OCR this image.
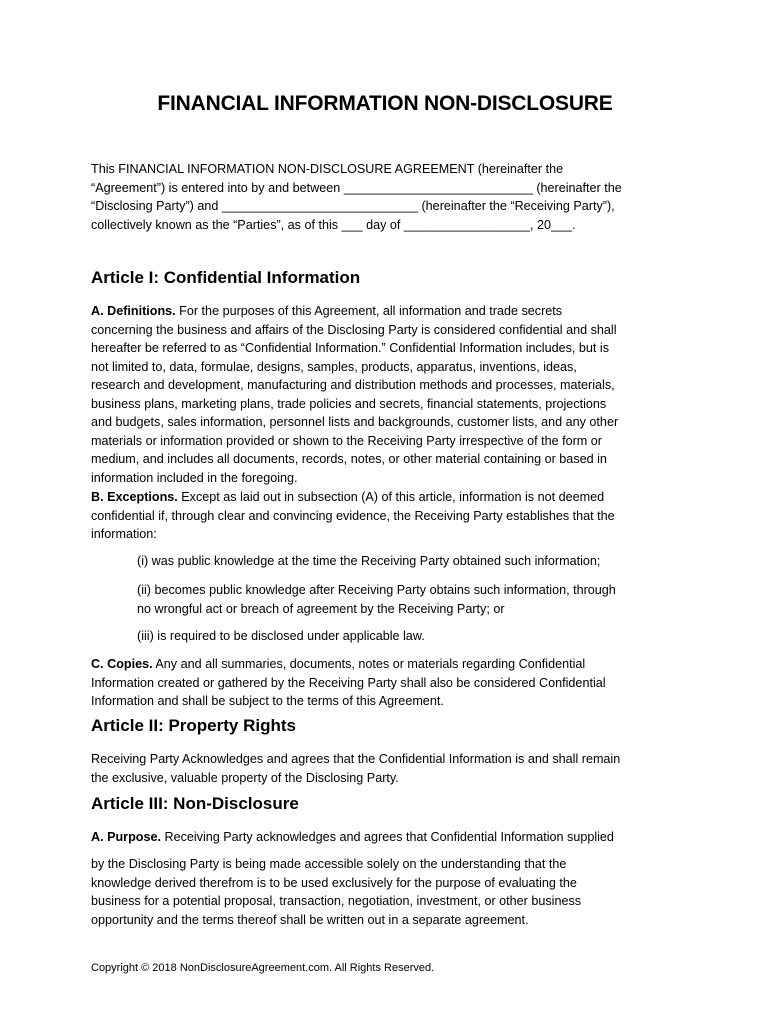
FINANCIAL INFORMATION NON-DISCLOSURE

This FINANCIAL INFORMATION NON-DISCLOSURE AGREEMENT (hereinafter the
“Agreement”) is entered into by and between ___________________________ (hereinafter the
“Disclosing Party”) and ____________________________ (hereinafter the “Receiving Party”),
collectively known as the “Parties”, as of this ___ day of __________________, 20___.

Article I: Confidential Information

A. Definitions. For the purposes of this Agreement, all information and trade secrets
concerning the business and affairs of the Disclosing Party is considered confidential and shall
hereafter be referred to as “Confidential Information.” Confidential Information includes, but is
not limited to, data, formulae, designs, samples, products, apparatus, inventions, ideas,
research and development, manufacturing and distribution methods and processes, materials,
business plans, marketing plans, trade policies and secrets, financial statements, projections
and budgets, sales information, personnel lists and backgrounds, customer lists, and any other
materials or information provided or shown to the Receiving Party irrespective of the form or
medium, and includes all documents, records, notes, or other material containing or based in
information included in the foregoing.

B. Exceptions. Except as laid out in subsection (A) of this article, information is not deemed
confidential if, through clear and convincing evidence, the Receiving Party establishes that the
information:

(i) was public knowledge at the time the Receiving Party obtained such information;

(ii) becomes public knowledge after Receiving Party obtains such information, through
no wrongful act or breach of agreement by the Receiving Party; or

(iii) is required to be disclosed under applicable law.

C. Copies. Any and all summaries, documents, notes or materials regarding Confidential
Information created or gathered by the Receiving Party shall also be considered Confidential
Information and shall be subject to the terms of this Agreement.

Article II: Property Rights

Receiving Party Acknowledges and agrees that the Confidential Information is and shall remain
the exclusive, valuable property of the Disclosing Party.

Article III: Non-Disclosure

A. Purpose. Receiving Party acknowledges and agrees that Confidential Information supplied

by the Disclosing Party is being made accessible solely on the understanding that the
knowledge derived therefrom is to be used exclusively for the purpose of evaluating the
business for a potential proposal, transaction, negotiation, investment, or other business
opportunity and the terms thereof shall be written out in a separate agreement.

Copyright © 2018 NonDisclosureAgreement.com. All Rights Reserved.
